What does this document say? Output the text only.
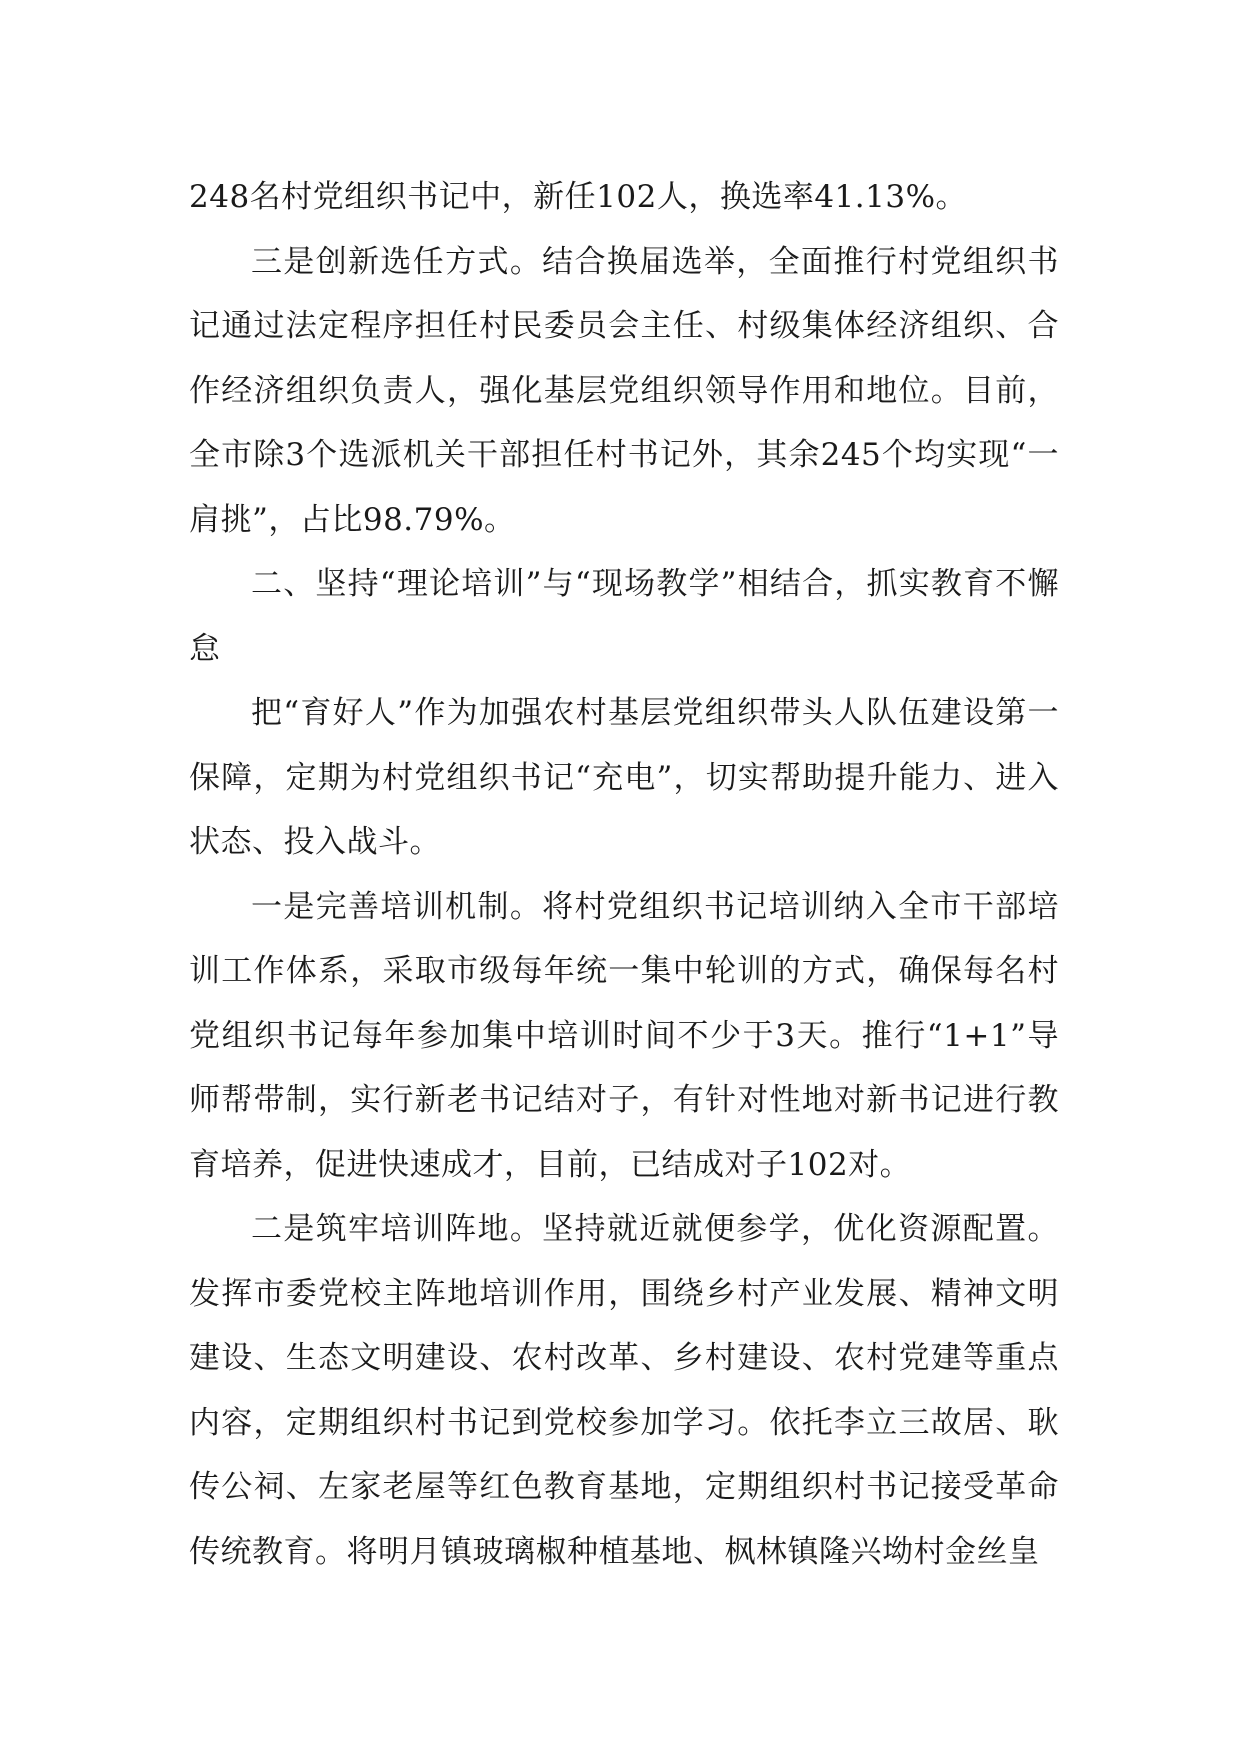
248名村党组织书记中，新任102人，换选率41.13%。

三是创新选任方式。结合换届选举，全面推行村党组织书记通过法定程序担任村民委员会主任、村级集体经济组织、合作经济组织负责人，强化基层党组织领导作用和地位。目前，全市除3个选派机关干部担任村书记外，其余245个均实现“一肩挑”，占比98.79%。

二、坚持“理论培训”与“现场教学”相结合，抓实教育不懈怠

把“育好人”作为加强农村基层党组织带头人队伍建设第一保障，定期为村党组织书记“充电”，切实帮助提升能力、进入状态、投入战斗。

一是完善培训机制。将村党组织书记培训纳入全市干部培训工作体系，采取市级每年统一集中轮训的方式，确保每名村党组织书记每年参加集中培训时间不少于3天。推行“1+1”导师帮带制，实行新老书记结对子，有针对性地对新书记进行教育培养，促进快速成才，目前，已结成对子102对。

二是筑牢培训阵地。坚持就近就便参学，优化资源配置。发挥市委党校主阵地培训作用，围绕乡村产业发展、精神文明建设、生态文明建设、农村改革、乡村建设、农村党建等重点内容，定期组织村书记到党校参加学习。依托李立三故居、耿传公祠、左家老屋等红色教育基地，定期组织村书记接受革命传统教育。将明月镇玻璃椒种植基地、枫林镇隆兴坳村金丝皇
